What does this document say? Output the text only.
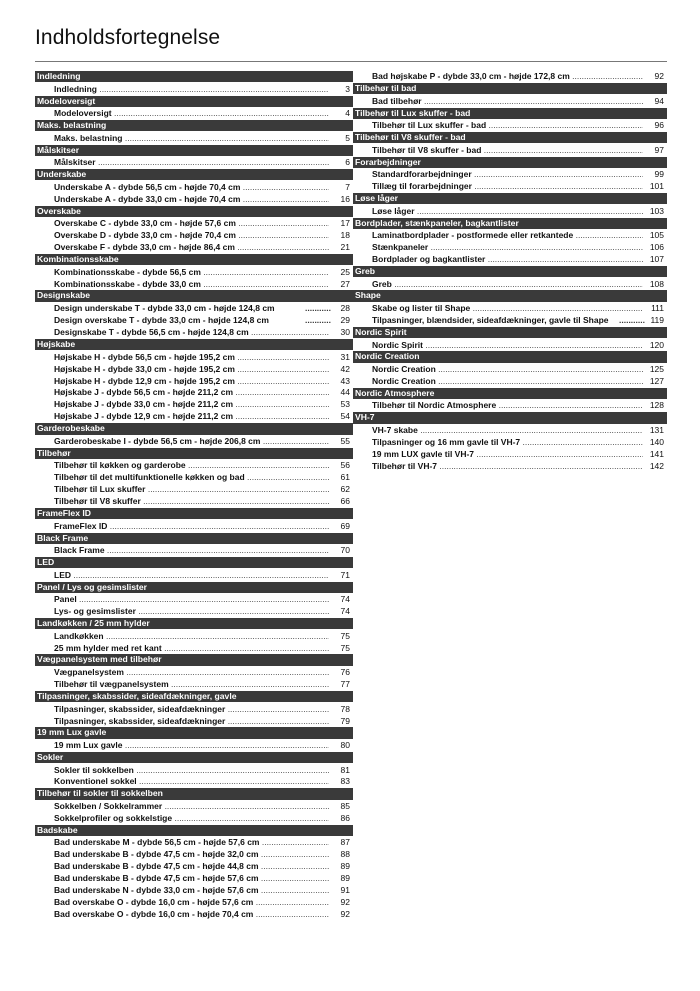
Indholdsfortegnelse
Indledning
Indledning .....	3
Modeloversigt
Modeloversigt .....	4
Maks. belastning
Maks. belastning .....	5
Målskitser
Målskitser .....	6
Underskabe
Underskabe A - dybde 56,5 cm - højde 70,4 cm .....	7
Underskabe A - dybde 33,0 cm - højde 70,4 cm .....	16
Overskabe
Overskabe C - dybde 33,0 cm - højde 57,6 cm .....	17
Overskabe D - dybde 33,0 cm - højde 70,4 cm .....	18
Overskabe F - dybde 33,0 cm - højde 86,4 cm .....	21
Kombinationsskabe
Kombinationsskabe - dybde 56,5 cm .....	25
Kombinationsskabe - dybde 33,0 cm .....	27
Designskabe
..... Design underskabe T - dybde 33,0 cm - højde 124,8 cm	28
..... Design overskabe T - dybde 33,0 cm - højde 124,8 cm	29
Designskabe T - dybde 56,5 cm - højde 124,8 cm .....	30
Højskabe
Højskabe H - dybde 56,5 cm - højde 195,2 cm .....	31
Højskabe H - dybde 33,0 cm - højde 195,2 cm .....	42
Højskabe H - dybde 12,9 cm - højde 195,2 cm .....	43
Højskabe J - dybde 56,5 cm - højde 211,2 cm .....	44
Højskabe J - dybde 33,0 cm - højde 211,2 cm .....	53
Højskabe J - dybde 12,9 cm - højde 211,2 cm .....	54
Garderobeskabe
Garderobeskabe I - dybde 56,5 cm - højde 206,8 cm .....	55
Tilbehør
Tilbehør til køkken og garderobe .....	56
Tilbehør til det multifunktionelle køkken og bad .....	61
Tilbehør til Lux skuffer .....	62
Tilbehør til V8 skuffer .....	66
FrameFlex ID
FrameFlex ID .....	69
Black Frame
Black Frame .....	70
LED
LED .....	71
Panel / Lys og gesimslister
Panel .....	74
Lys- og gesimslister .....	74
Landkøkken / 25 mm hylder
Landkøkken .....	75
25 mm hylder med ret kant .....	75
Vægpanelsystem med tilbehør
Vægpanelsystem .....	76
Tilbehør til vægpanelsystem .....	77
Tilpasninger, skabssider, sideafdækninger, gavle
Tilpasninger, skabssider, sideafdækninger .....	78
Tilpasninger, skabssider, sideafdækninger .....	79
19 mm Lux gavle
19 mm Lux gavle .....	80
Sokler
Sokler til sokkelben .....	81
Konventionel sokkel .....	83
Tilbehør til sokler til sokkelben
Sokkelben / Sokkelrammer .....	85
Sokkelprofiler og sokkelstige .....	86
Badskabe
Bad underskabe M - dybde 56,5 cm - højde 57,6 cm .....	87
Bad underskabe B - dybde 47,5 cm - højde 32,0 cm .....	88
Bad underskabe B - dybde 47,5 cm - højde 44,8 cm .....	89
Bad underskabe B - dybde 47,5 cm - højde 57,6 cm .....	89
Bad underskabe N - dybde 33,0 cm - højde 57,6 cm .....	91
Bad overskabe O - dybde 16,0 cm - højde 57,6 cm .....	92
Bad overskabe O - dybde 16,0 cm - højde 70,4 cm .....	92
Bad højskabe P - dybde 33,0 cm - højde 172,8 cm .....	92
Tilbehør til bad
Bad tilbehør .....	94
Tilbehør til Lux skuffer - bad
Tilbehør til Lux skuffer - bad .....	96
Tilbehør til V8 skuffer - bad
Tilbehør til V8 skuffer - bad .....	97
Forarbejdninger
Standardforarbejdninger .....	99
Tillæg til forarbejdninger .....	101
Løse låger
Løse låger .....	103
Bordplader, stænkpaneler, bagkantlister
Laminatbordplader - postformede eller retkantede .....	105
Stænkpaneler .....	106
Bordplader og bagkantlister .....	107
Greb
Greb .....	108
Shape
Skabe og lister til Shape .....	111
..... Tilpasninger, blændsider, sideafdækninger, gavle til Shape	119
Nordic Spirit
Nordic Spirit .....	120
Nordic Creation
Nordic Creation .....	125
Nordic Creation .....	127
Nordic Atmosphere
Tilbehør til Nordic Atmosphere .....	128
VH-7
VH-7 skabe .....	131
Tilpasninger og 16 mm gavle til VH-7 .....	140
19 mm LUX gavle til VH-7 .....	141
Tilbehør til VH-7 .....	142
